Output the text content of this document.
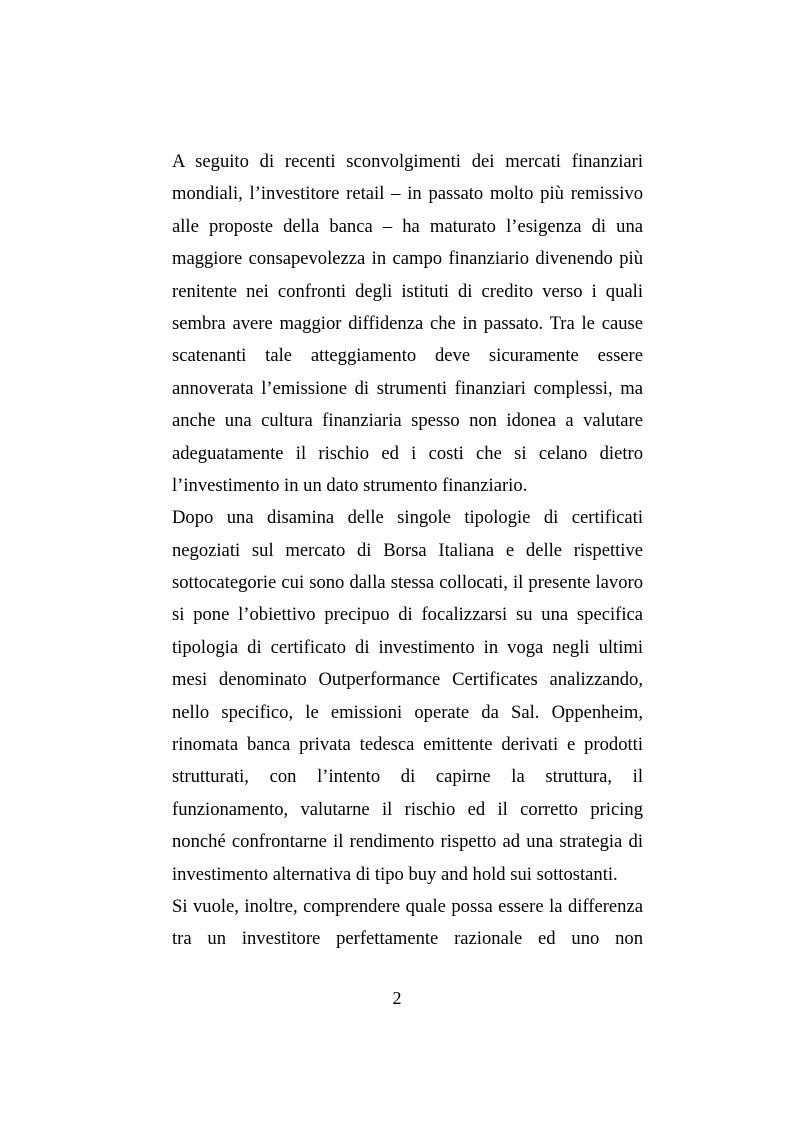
A seguito di recenti sconvolgimenti dei mercati finanziari
mondiali, l’investitore retail – in passato molto più remissivo
alle proposte della banca – ha maturato l’esigenza di una
maggiore consapevolezza in campo finanziario divenendo più
renitente nei confronti degli istituti di credito verso i quali
sembra avere maggior diffidenza che in passato. Tra le cause
scatenanti tale atteggiamento deve sicuramente essere
annoverata l’emissione di strumenti finanziari complessi, ma
anche una cultura finanziaria spesso non idonea a valutare
adeguatamente il rischio ed i costi che si celano dietro
l’investimento in un dato strumento finanziario.
Dopo una disamina delle singole tipologie di certificati
negoziati sul mercato di Borsa Italiana e delle rispettive
sottocategorie cui sono dalla stessa collocati, il presente lavoro
si pone l’obiettivo precipuo di focalizzarsi su una specifica
tipologia di certificato di investimento in voga negli ultimi
mesi denominato Outperformance Certificates analizzando,
nello specifico, le emissioni operate da Sal. Oppenheim,
rinomata banca privata tedesca emittente derivati e prodotti
strutturati, con l’intento di capirne la struttura, il
funzionamento, valutarne il rischio ed il corretto pricing
nonché confrontarne il rendimento rispetto ad una strategia di
investimento alternativa di tipo buy and hold sui sottostanti.
Si vuole, inoltre, comprendere quale possa essere la differenza
tra un investitore perfettamente razionale ed uno non
2
